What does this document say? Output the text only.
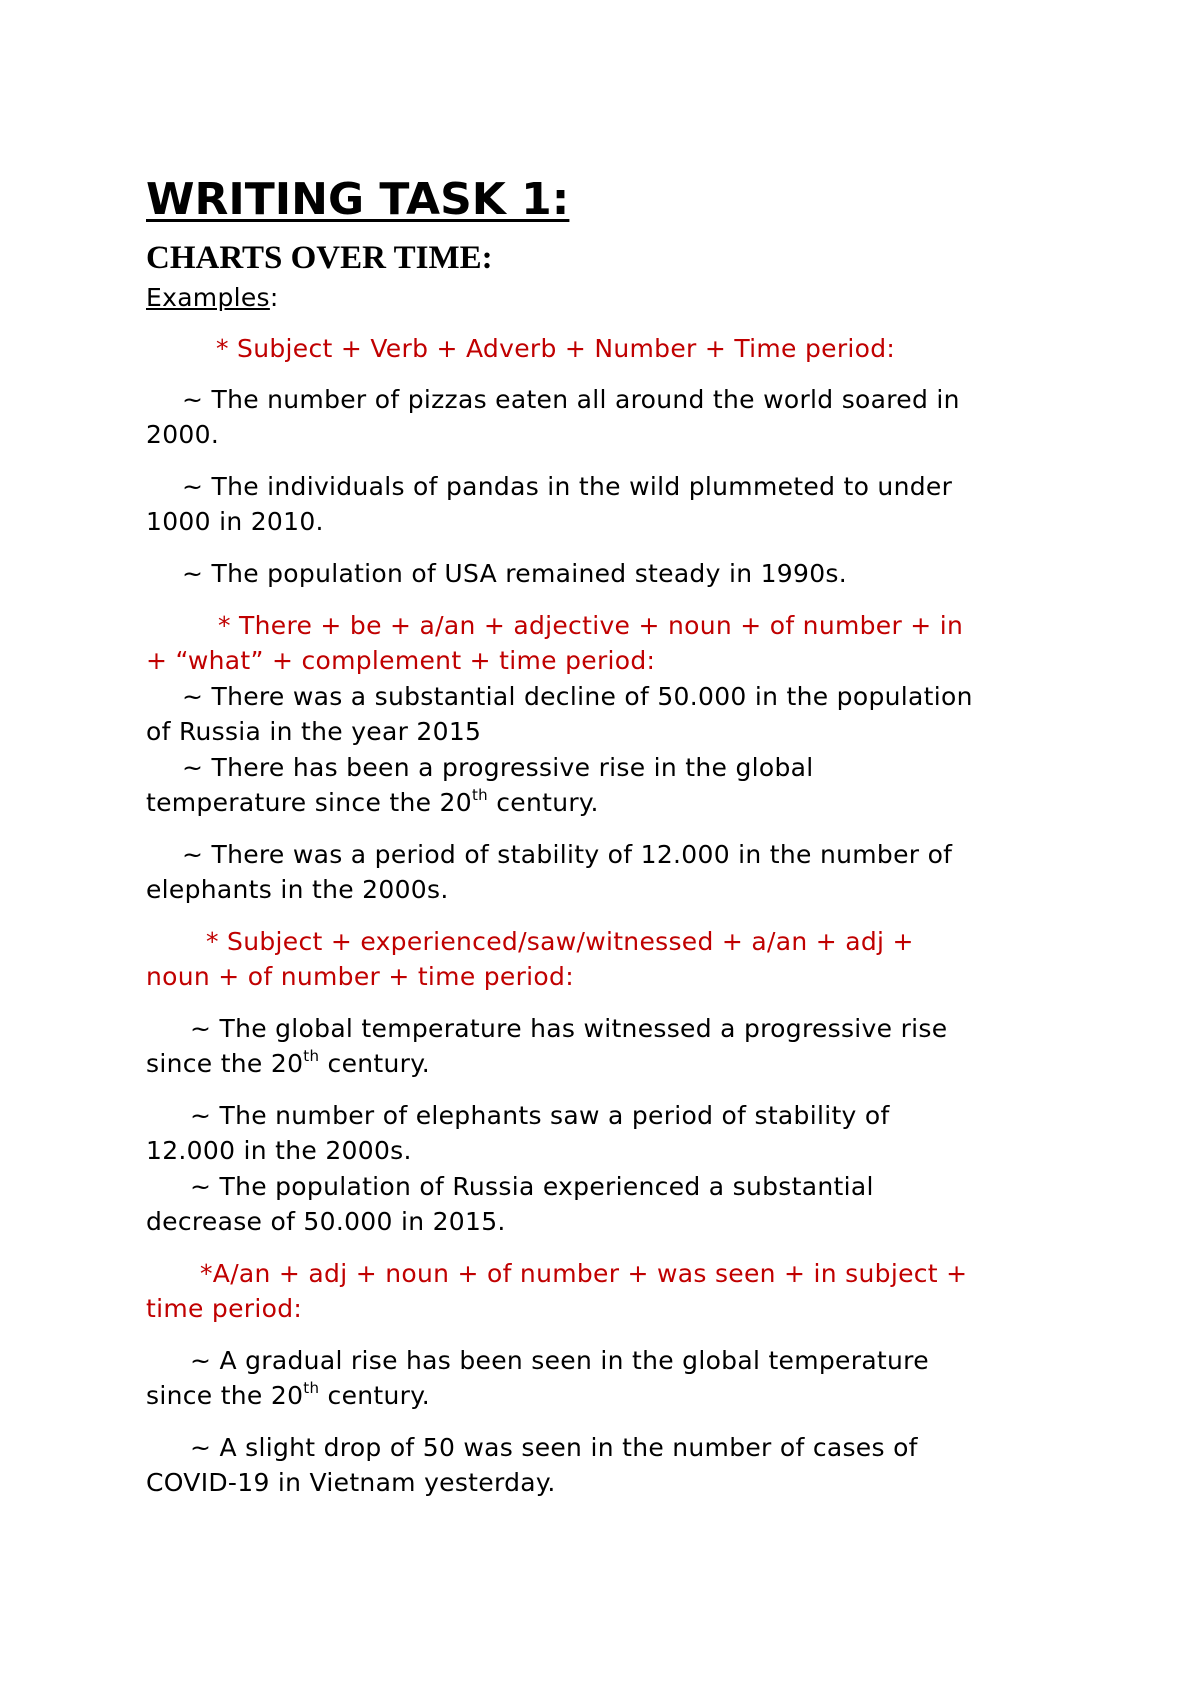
WRITING TASK 1:
CHARTS OVER TIME:
Examples:
* Subject + Verb + Adverb + Number + Time period:
~ The number of pizzas eaten all around the world soared in
2000.
~ The individuals of pandas in the wild plummeted to under
1000 in 2010.
~ The population of USA remained steady in 1990s.
* There + be + a/an + adjective + noun + of number + in
+ “what” + complement + time period:
~ There was a substantial decline of 50.000 in the population
of Russia in the year 2015
~ There has been a progressive rise in the global
temperature since the 20th century.
~ There was a period of stability of 12.000 in the number of
elephants in the 2000s.
* Subject + experienced/saw/witnessed + a/an + adj +
noun + of number + time period:
~ The global temperature has witnessed a progressive rise
since the 20th century.
~ The number of elephants saw a period of stability of
12.000 in the 2000s.
~ The population of Russia experienced a substantial
decrease of 50.000 in 2015.
*A/an + adj + noun + of number + was seen + in subject +
time period:
~ A gradual rise has been seen in the global temperature
since the 20th century.
~ A slight drop of 50 was seen in the number of cases of
COVID-19 in Vietnam yesterday.
